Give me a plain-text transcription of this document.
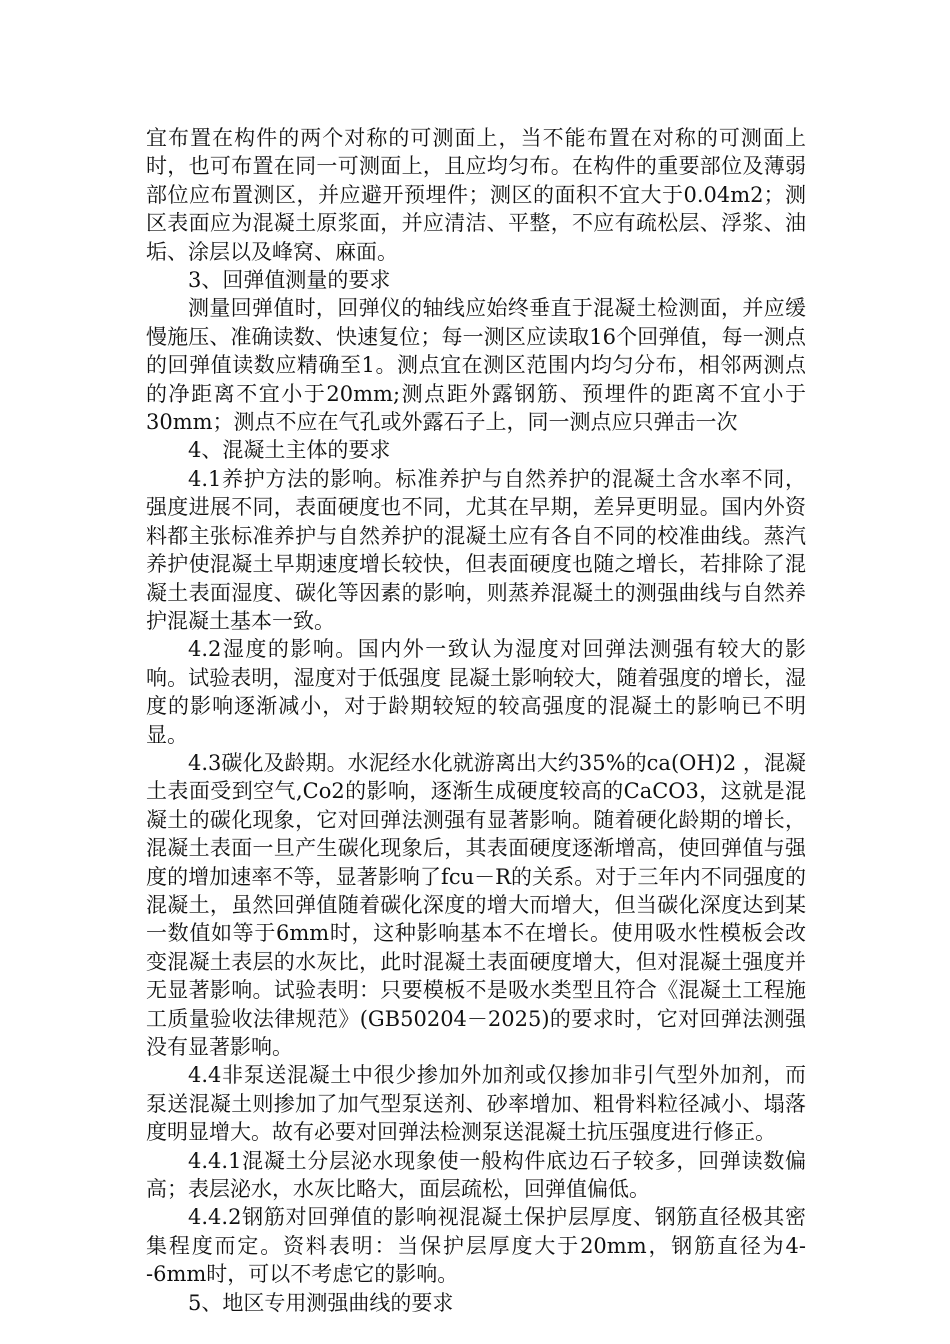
宜布置在构件的两个对称的可测面上，当不能布置在对称的可测面上时，也可布置在同一可测面上，且应均匀布。在构件的重要部位及薄弱部位应布置测区，并应避开预埋件；测区的面积不宜大于0.04m2；测区表面应为混凝土原浆面，并应清洁、平整，不应有疏松层、浮浆、油垢、涂层以及峰窝、麻面。

3、回弹值测量的要求

测量回弹值时，回弹仪的轴线应始终垂直于混凝土检测面，并应缓慢施压、准确读数、快速复位；每一测区应读取16个回弹值，每一测点的回弹值读数应精确至1。测点宜在测区范围内均匀分布，相邻两测点的净距离不宜小于20mm;测点距外露钢筋、预埋件的距离不宜小于30mm；测点不应在气孔或外露石子上，同一测点应只弹击一次

4、混凝土主体的要求

4.1养护方法的影响。标准养护与自然养护的混凝土含水率不同，强度进展不同，表面硬度也不同，尤其在早期，差异更明显。国内外资料都主张标准养护与自然养护的混凝土应有各自不同的校准曲线。蒸汽养护使混凝土早期速度增长较快，但表面硬度也随之增长，若排除了混凝土表面湿度、碳化等因素的影响，则蒸养混凝土的测强曲线与自然养护混凝土基本一致。

4.2湿度的影响。国内外一致认为湿度对回弹法测强有较大的影响。试验表明，湿度对于低强度 昆凝土影响较大，随着强度的增长，湿度的影响逐渐减小，对于龄期较短的较高强度的混凝土的影响已不明显。

4.3碳化及龄期。水泥经水化就游离出大约35%的ca(OH)2 ，混凝土表面受到空气,Co2的影响，逐渐生成硬度较高的CaCO3，这就是混凝土的碳化现象，它对回弹法测强有显著影响。随着硬化龄期的增长，混凝土表面一旦产生碳化现象后，其表面硬度逐渐增高，使回弹值与强度的增加速率不等，显著影响了fcu－R的关系。对于三年内不同强度的混凝土，虽然回弹值随着碳化深度的增大而增大，但当碳化深度达到某一数值如等于6mm时，这种影响基本不在增长。使用吸水性模板会改变混凝土表层的水灰比，此时混凝土表面硬度增大，但对混凝土强度并无显著影响。试验表明：只要模板不是吸水类型且符合《混凝土工程施工质量验收法律规范》(GB50204－2025)的要求时，它对回弹法测强没有显著影响。

4.4非泵送混凝土中很少掺加外加剂或仅掺加非引气型外加剂，而泵送混凝土则掺加了加气型泵送剂、砂率增加、粗骨料粒径减小、塌落度明显增大。故有必要对回弹法检测泵送混凝土抗压强度进行修正。

4.4.1混凝土分层泌水现象使一般构件底边石子较多，回弹读数偏高；表层泌水，水灰比略大，面层疏松，回弹值偏低。

4.4.2钢筋对回弹值的影响视混凝土保护层厚度、钢筋直径极其密集程度而定。资料表明：当保护层厚度大于20mm，钢筋直径为4--6mm时，可以不考虑它的影响。

5、地区专用测强曲线的要求
